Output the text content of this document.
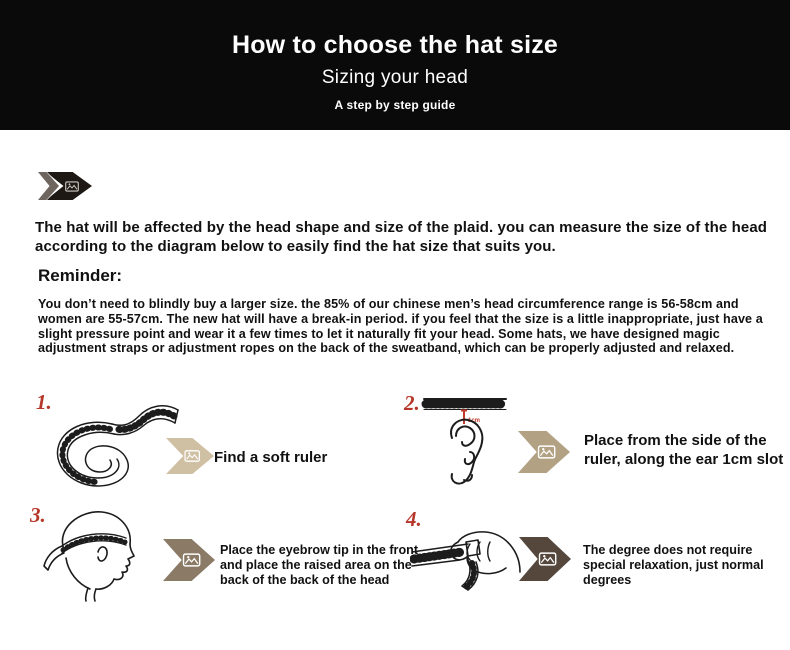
How to choose the hat size
Sizing your head
A step by step guide
The hat will be affected by the head shape and size of the plaid. you can measure the size of the head according to the diagram below to easily find the hat size that suits you.
Reminder:
You don’t need to blindly buy a larger size. the 85% of our chinese men’s head circumference range is 56-58cm and women are 55-57cm. The new hat will have a break-in period. if you feel that the size is a little inappropriate, just have a slight pressure point and wear it a few times to let it naturally fit your head. Some hats, we have designed magic adjustment straps or adjustment ropes on the back of the sweatband, which can be properly adjusted and relaxed.
1.
Find a soft ruler
2.
1cm
Place from the side of the ruler, along the ear 1cm slot
3.
Place the eyebrow tip in the front and place the raised area on the back of the back of the head
4.
The degree does not require special relaxation, just normal degrees
